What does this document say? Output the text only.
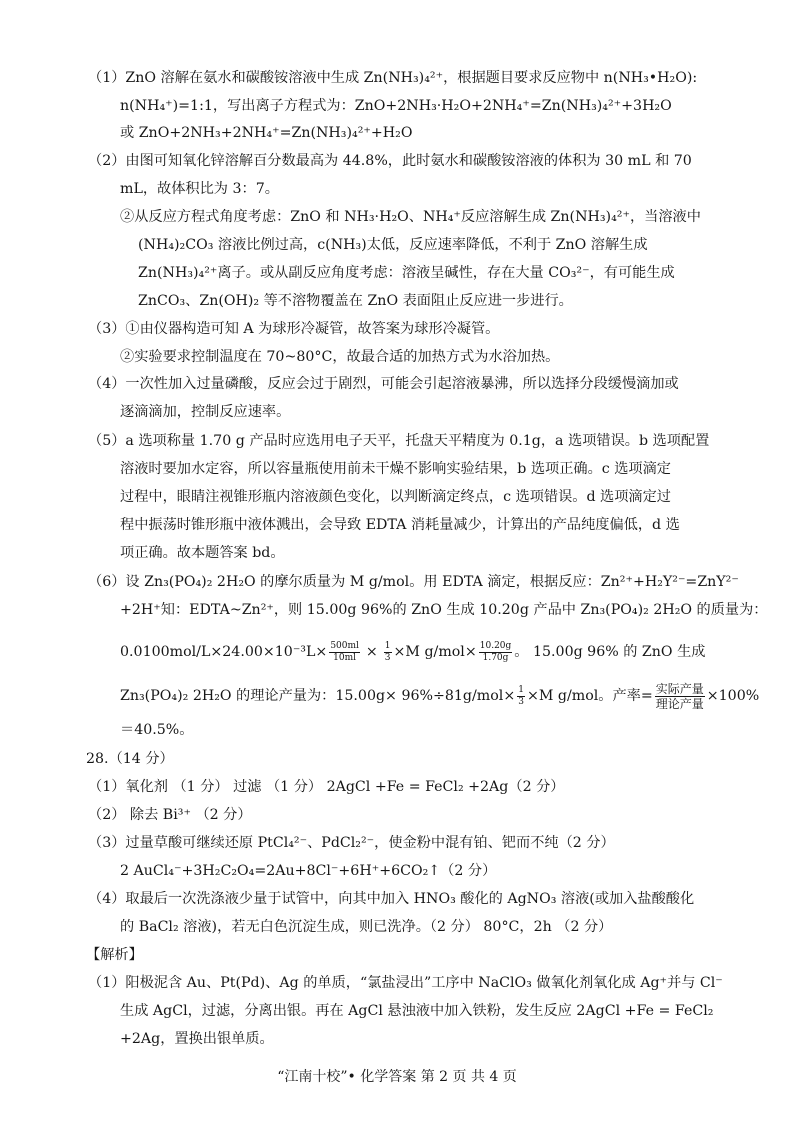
（1）ZnO 溶解在氨水和碳酸铵溶液中生成 Zn(NH₃)₄²⁺，根据题目要求反应物中 n(NH₃•H₂O):
n(NH₄⁺)=1:1，写出离子方程式为：ZnO+2NH₃·H₂O+2NH₄⁺=Zn(NH₃)₄²⁺+3H₂O
或 ZnO+2NH₃+2NH₄⁺=Zn(NH₃)₄²⁺+H₂O
（2）由图可知氧化锌溶解百分数最高为 44.8%，此时氨水和碳酸铵溶液的体积为 30 mL 和 70
mL，故体积比为 3：7。
②从反应方程式角度考虑：ZnO 和 NH₃·H₂O、NH₄⁺反应溶解生成 Zn(NH₃)₄²⁺，当溶液中
(NH₄)₂CO₃ 溶液比例过高，c(NH₃)太低，反应速率降低，不利于 ZnO 溶解生成
Zn(NH₃)₄²⁺离子。或从副反应角度考虑：溶液呈碱性，存在大量 CO₃²⁻，有可能生成
ZnCO₃、Zn(OH)₂ 等不溶物覆盖在 ZnO 表面阻止反应进一步进行。
（3）①由仪器构造可知 A 为球形冷凝管，故答案为球形冷凝管。
②实验要求控制温度在 70~80°C，故最合适的加热方式为水浴加热。
（4）一次性加入过量磷酸，反应会过于剧烈，可能会引起溶液暴沸，所以选择分段缓慢滴加或
逐滴滴加，控制反应速率。
（5）a 选项称量 1.70 g 产品时应选用电子天平，托盘天平精度为 0.1g，a 选项错误。b 选项配置
溶液时要加水定容，所以容量瓶使用前未干燥不影响实验结果，b 选项正确。c 选项滴定
过程中，眼睛注视锥形瓶内溶液颜色变化，以判断滴定终点，c 选项错误。d 选项滴定过
程中振荡时锥形瓶中液体溅出，会导致 EDTA 消耗量减少，计算出的产品纯度偏低，d 选
项正确。故本题答案 bd。
（6）设 Zn₃(PO₄)₂ 2H₂O 的摩尔质量为 M g/mol。用 EDTA 滴定，根据反应：Zn²⁺+H₂Y²⁻=ZnY²⁻
+2H⁺知：EDTA~Zn²⁺，则 15.00g 96%的 ZnO 生成 10.20g 产品中 Zn₃(PO₄)₂ 2H₂O 的质量为：
$0.0100mol/L\times 24.00\times 10^{-3}L\times \frac{500ml}{10ml} \times \frac{1}{3} \times M$ $g/mol\times \frac{10.20g}{1.70g}$ 。 15.00g 96% 的 ZnO 生成
Zn₃(PO₄)₂ 2H₂O 的理论产量为：$15.00g\times 96\%\div 81g/mol\times \frac{1}{3} \times M$ g/mol。产率= $\frac{\text{实际产量}}{\text{理论产量}} \times 100\%$
＝40.5%。
28.（14 分）
（1）氧化剂 （1 分） 过滤 （1 分） 2AgCl +Fe = FeCl₂ +2Ag（2 分）
（2） 除去 Bi³⁺ （2 分）
（3）过量草酸可继续还原 PtCl₄²⁻、PdCl₂²⁻，使金粉中混有铂、钯而不纯（2 分）
2 AuCl₄⁻+3H₂C₂O₄=2Au+8Cl⁻+6H⁺+6CO₂↑（2 分）
（4）取最后一次洗涤液少量于试管中，向其中加入 HNO₃ 酸化的 AgNO₃ 溶液(或加入盐酸酸化
的 BaCl₂ 溶液)，若无白色沉淀生成，则已洗净。（2 分） 80°C，2h （2 分）
【解析】
（1）阳极泥含 Au、Pt(Pd)、Ag 的单质，“氯盐浸出”工序中 NaClO₃ 做氧化剂氧化成 Ag⁺并与 Cl⁻
生成 AgCl，过滤，分离出银。再在 AgCl 悬浊液中加入铁粉，发生反应 2AgCl +Fe = FeCl₂
+2Ag，置换出银单质。
“江南十校”• 化学答案 第 2 页 共 4 页
